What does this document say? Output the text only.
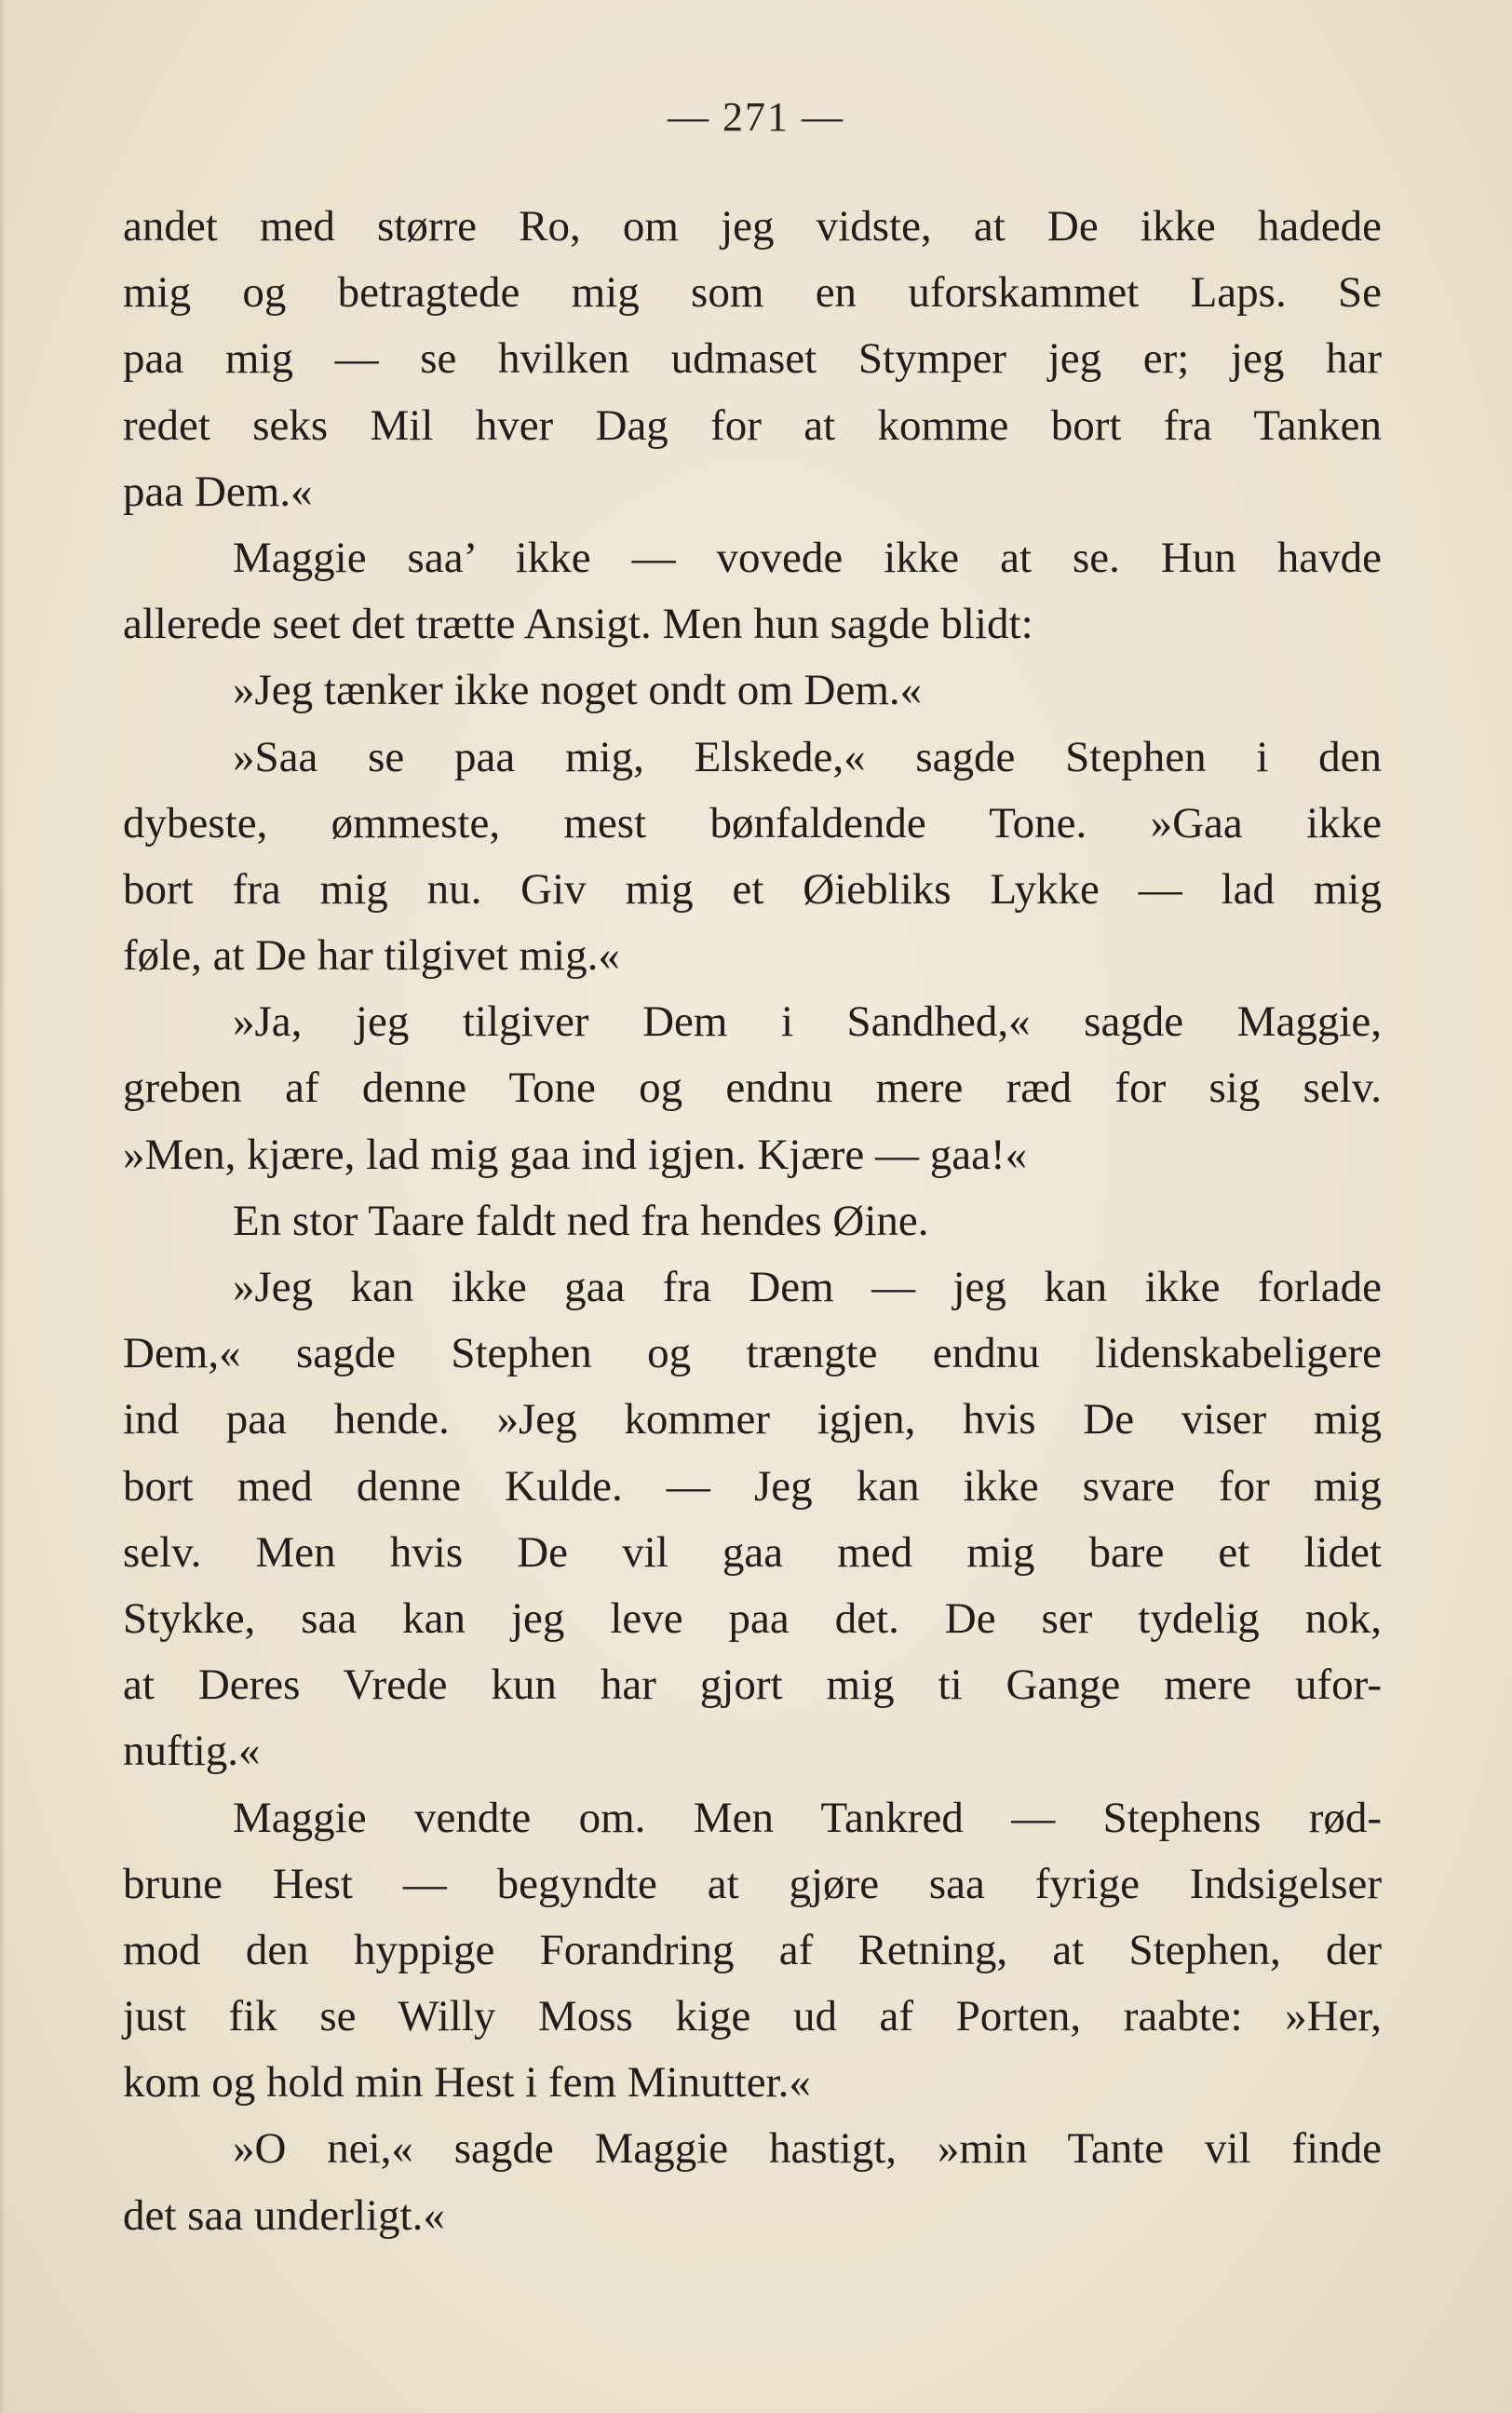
— 271 —
andet med større Ro, om jeg vidste, at De ikke hadede
mig og betragtede mig som en uforskammet Laps. Se
paa mig — se hvilken udmaset Stymper jeg er; jeg har
redet seks Mil hver Dag for at komme bort fra Tanken
paa Dem.«
Maggie saa’ ikke — vovede ikke at se. Hun havde
allerede seet det trætte Ansigt. Men hun sagde blidt:
»Jeg tænker ikke noget ondt om Dem.«
»Saa se paa mig, Elskede,« sagde Stephen i den
dybeste, ømmeste, mest bønfaldende Tone. »Gaa ikke
bort fra mig nu. Giv mig et Øiebliks Lykke — lad mig
føle, at De har tilgivet mig.«
»Ja, jeg tilgiver Dem i Sandhed,« sagde Maggie,
greben af denne Tone og endnu mere ræd for sig selv.
»Men, kjære, lad mig gaa ind igjen. Kjære — gaa!«
En stor Taare faldt ned fra hendes Øine.
»Jeg kan ikke gaa fra Dem — jeg kan ikke forlade
Dem,« sagde Stephen og trængte endnu lidenskabeligere
ind paa hende. »Jeg kommer igjen, hvis De viser mig
bort med denne Kulde. — Jeg kan ikke svare for mig
selv. Men hvis De vil gaa med mig bare et lidet
Stykke, saa kan jeg leve paa det. De ser tydelig nok,
at Deres Vrede kun har gjort mig ti Gange mere ufor-
nuftig.«
Maggie vendte om. Men Tankred — Stephens rød-
brune Hest — begyndte at gjøre saa fyrige Indsigelser
mod den hyppige Forandring af Retning, at Stephen, der
just fik se Willy Moss kige ud af Porten, raabte: »Her,
kom og hold min Hest i fem Minutter.«
»O nei,« sagde Maggie hastigt, »min Tante vil finde
det saa underligt.«
